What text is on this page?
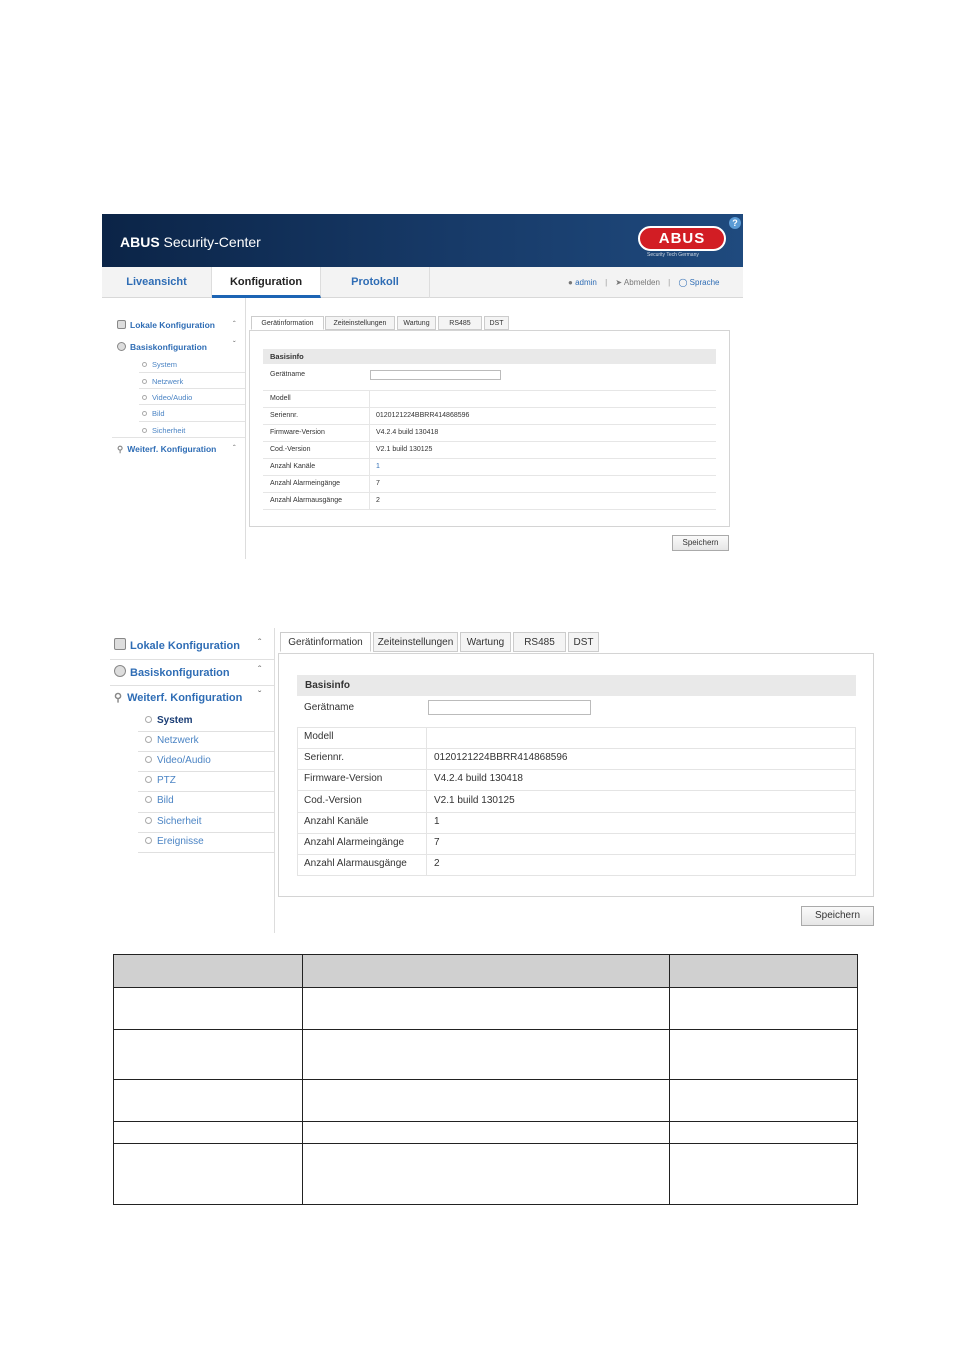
ABUS Security-Center	ABUS
Security Tech Germany
?
Liveansicht	Konfiguration	Protokoll	● admin | ➤ Abmelden | ◯ Sprache
Lokale Konfiguration ˆ
Basiskonfiguration	ˇ
System
Netzwerk
Video/Audio
Bild
Sicherheit
⚲ Weiterf. Konfiguration ˆ
Gerätinformation	Zeiteinstellungen	Wartung	RS485	DST
Basisinfo
Gerätname
Modell
Seriennr.	0120121224BBRR414868596
Firmware-Version	V4.2.4 build 130418
Cod.-Version	V2.1 build 130125
Anzahl Kanäle	1
Anzahl Alarmeingänge	7
Anzahl Alarmausgänge	2
Speichern
Lokale Konfiguration ˆ
Basiskonfiguration	ˆ
⚲ Weiterf. Konfiguration ˇ
System
Netzwerk
Video/Audio
PTZ
Bild
Sicherheit
Ereignisse
Gerätinformation	Zeiteinstellungen	Wartung	RS485	DST
Basisinfo
Gerätname
Modell
Seriennr.	0120121224BBRR414868596
Firmware-Version	V4.2.4 build 130418
Cod.-Version	V2.1 build 130125
Anzahl Kanäle	1
Anzahl Alarmeingänge	7
Anzahl Alarmausgänge	2
Speichern
